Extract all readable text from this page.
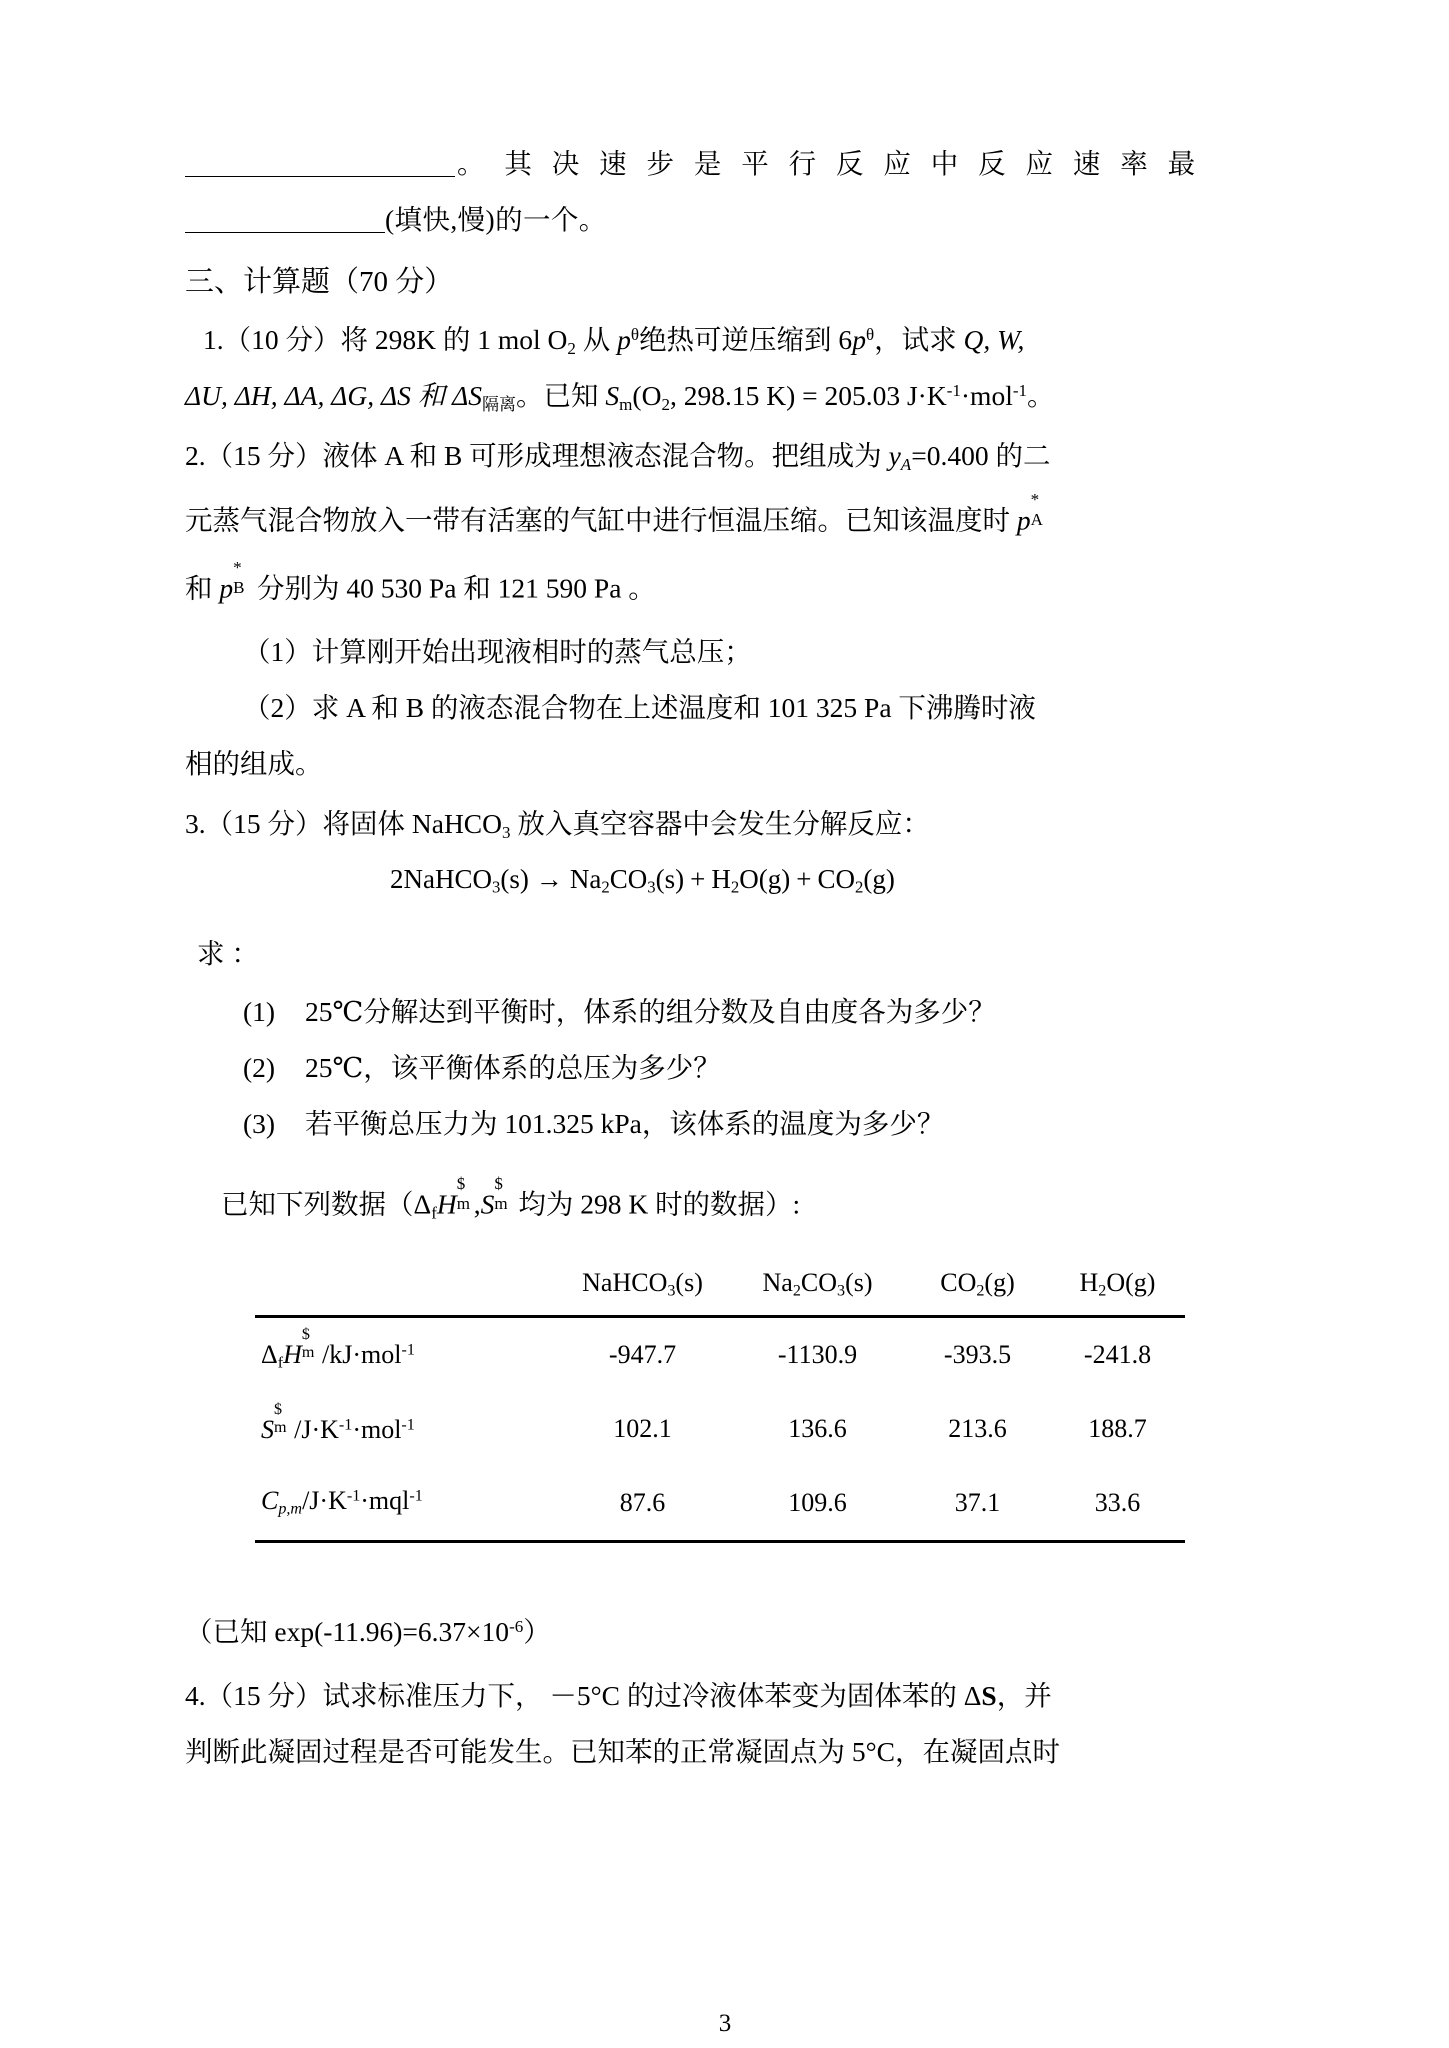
。 其 决 速 步 是 平 行 反 应 中 反 应 速 率 最
(填快,慢)的一个。
三、计算题（70 分）
1.（10 分）将 298K 的 1 mol $O_2$ 从 $p^\theta$绝热可逆压缩到 $6p^\theta$，试求 Q, W,
ΔU, ΔH, ΔA, ΔG, ΔS 和 $\Delta S_{隔离}$。已知 $S_m(O_2$, 298.15 K) = 205.03 $J\cdot K^{-1}\cdot mol^{-1}$。
2.（15 分）液体 A 和 B 可形成理想液态混合物。把组成为 $y_A=0.400$ 的二
元蒸气混合物放入一带有活塞的气缸中进行恒温压缩。已知该温度时 p
*
A
和 p
*
B 分别为 40 530 Pa 和 121 590 Pa 。
（1）计算刚开始出现液相时的蒸气总压；
（2）求 A 和 B 的液态混合物在上述温度和 101 325 Pa 下沸腾时液
相的组成。
3.（15 分）将固体 NaHCO$_3$ 放入真空容器中会发生分解反应：
2NaHCO$_3$(s) → $Na_2CO_3(s) + H_2O(g) + CO_2(g)$
求 ：
(1) 25℃分解达到平衡时，体系的组分数及自由度各为多少？
(2) 25℃，该平衡体系的总压为多少？
(3) 若平衡总压力为 101.325 kPa，该体系的温度为多少？
已知下列数据（$\Delta_fH$
$
m ,S
$
m 均为 298 K 时的数据）:
	NaHCO$_3$(s)	$Na_2CO_3(s)$	$CO_2(g)$	$H_2O(g)$

$\Delta_fH$
$
m /kJ·mol$^{-1}$	-947.7	-1130.9	-393.5	-241.8
S
$
m $/J\cdot K^{-1}\cdot mol^{-1}$	102.1	136.6	213.6	188.7
$C_{p,m}/J\cdot K^{-1}\cdot mql^{-1}$	87.6	109.6	37.1	33.6

（已知 $\exp(-11.96)=6.37\times 10^{-6}$）
4.（15 分）试求标准压力下， －5°C 的过冷液体苯变为固体苯的 ΔS，并
判断此凝固过程是否可能发生。已知苯的正常凝固点为 5°C，在凝固点时
3
